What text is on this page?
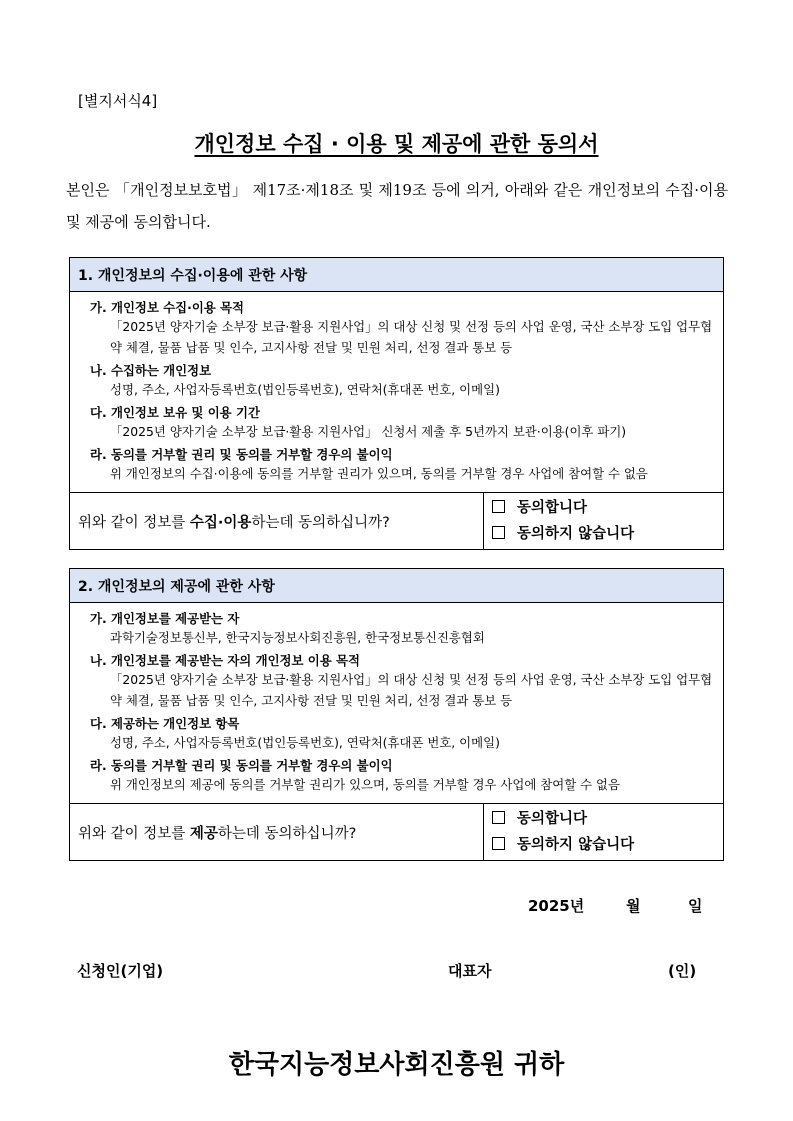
[별지서식4]
개인정보 수집 · 이용 및 제공에 관한 동의서
본인은 「개인정보보호법」 제17조·제18조 및 제19조 등에 의거, 아래와 같은 개인정보의 수집·이용 및 제공에 동의합니다.
1. 개인정보의 수집·이용에 관한 사항

가. 개인정보 수집·이용 목적
「2025년 양자기술 소부장 보급·활용 지원사업」의 대상 신청 및 선정 등의 사업 운영, 국산 소부장 도입 업무협약 체결, 물품 납품 및 인수, 고지사항 전달 및 민원 처리, 선정 결과 통보 등
나. 수집하는 개인정보
성명, 주소, 사업자등록번호(법인등록번호), 연락처(휴대폰 번호, 이메일)
다. 개인정보 보유 및 이용 기간
「2025년 양자기술 소부장 보급·활용 지원사업」 신청서 제출 후 5년까지 보관·이용(이후 파기)
라. 동의를 거부할 권리 및 동의를 거부할 경우의 불이익
위 개인정보의 수집·이용에 동의를 거부할 권리가 있으며, 동의를 거부할 경우 사업에 참여할 수 없음

위와 같이 정보를 수집·이용하는데 동의하십니까?	
동의합니다
동의하지 않습니다
2. 개인정보의 제공에 관한 사항

가. 개인정보를 제공받는 자
과학기술정보통신부, 한국지능정보사회진흥원, 한국정보통신진흥협회
나. 개인정보를 제공받는 자의 개인정보 이용 목적
「2025년 양자기술 소부장 보급·활용 지원사업」의 대상 신청 및 선정 등의 사업 운영, 국산 소부장 도입 업무협약 체결, 물품 납품 및 인수, 고지사항 전달 및 민원 처리, 선정 결과 통보 등
다. 제공하는 개인정보 항목
성명, 주소, 사업자등록번호(법인등록번호), 연락처(휴대폰 번호, 이메일)
라. 동의를 거부할 권리 및 동의를 거부할 경우의 불이익
위 개인정보의 제공에 동의를 거부할 권리가 있으며, 동의를 거부할 경우 사업에 참여할 수 없음

위와 같이 정보를 제공하는데 동의하십니까?	
동의합니다
동의하지 않습니다
2025년	월	일
신청인(기업)	대표자	(인)
한국지능정보사회진흥원 귀하
